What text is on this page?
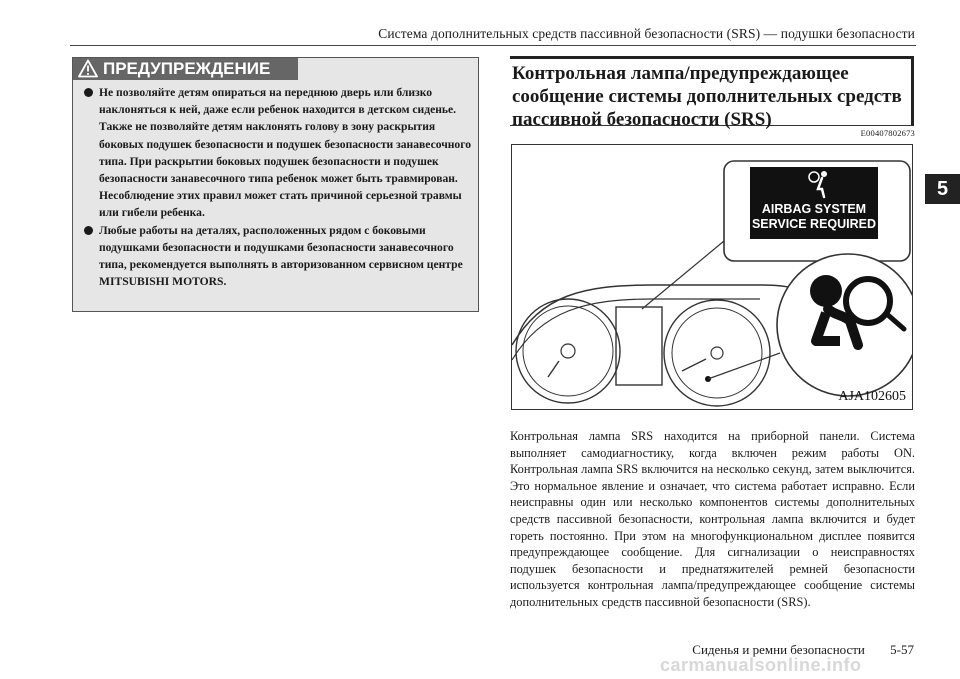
Система дополнительных средств пассивной безопасности (SRS) — подушки безопасности
5
ПРЕДУПРЕЖДЕНИЕ

Не позволяйте детям опираться на переднюю дверь или близко наклоняться к ней, даже если ребенок находится в детском сиденье.

Также не позволяйте детям наклонять голову в зону раскрытия боковых подушек безопасности и подушек безопасности занавесочного типа. При раскрытии боковых подушек безопасности и подушек безопасности занавесочного типа ребенок может быть травмирован.

Несоблюдение этих правил может стать причиной серьезной травмы или гибели ребенка.

Любые работы на деталях, расположенных рядом с боковыми подушками безопасности и подушками безопасности занавесочного типа, рекомендуется выполнять в авторизованном сервисном центре MITSUBISHI MOTORS.

Контрольная лампа/предупреждающее сообщение системы дополнительных средств пассивной безопасности (SRS)
E00407802673
AIRBAG SYSTEM
SERVICE REQUIRED
AJA102605

Контрольная лампа SRS находится на приборной панели. Система выполняет самодиагностику, когда включен режим работы ON. Контрольная лампа SRS включится на несколько секунд, затем выключится. Это нормальное явление и означает, что система работает исправно. Если неисправны один или несколько компонентов системы дополнительных средств пассивной безопасности, контрольная лампа включится и будет гореть постоянно. При этом на многофункциональном дисплее появится предупреждающее сообщение. Для сигнализации о неисправностях подушек безопасности и преднатяжителей ремней безопасности используется контрольная лампа/предупреждающее сообщение системы дополнительных средств пассивной безопасности (SRS).

Сиденья и ремни безопасности 5-57
carmanualsonline.info
